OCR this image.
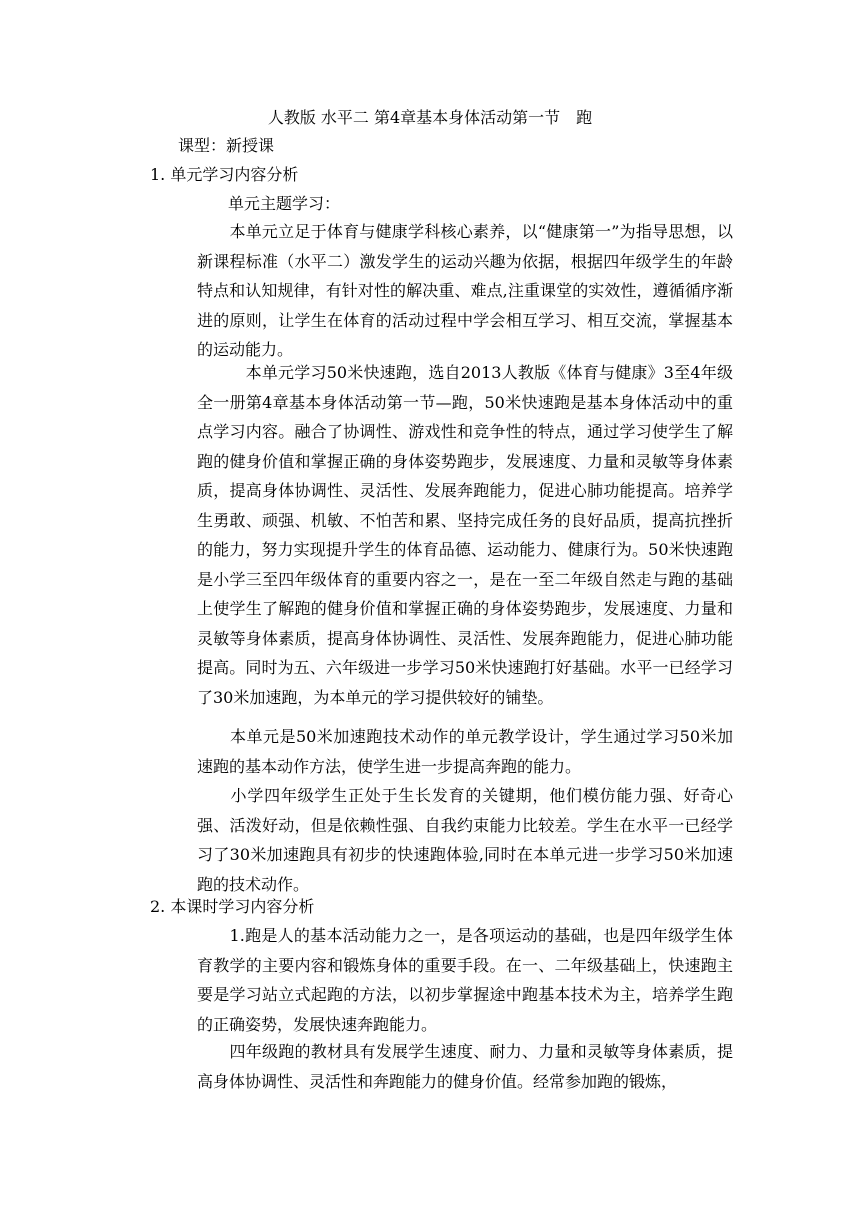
人教版 水平二 第4章基本身体活动第一节　跑
课型：新授课
1. 单元学习内容分析
单元主题学习：

　　本单元立足于体育与健康学科核心素养，以“健康第一”为指导思想，以新课程标准（水平二）激发学生的运动兴趣为依据，根据四年级学生的年龄特点和认知规律，有针对性的解决重、难点,注重课堂的实效性，遵循循序渐进的原则，让学生在体育的活动过程中学会相互学习、相互交流，掌握基本的运动能力。

　　　本单元学习50米快速跑，选自2013人教版《体育与健康》3至4年级全一册第4章基本身体活动第一节—跑，50米快速跑是基本身体活动中的重点学习内容。融合了协调性、游戏性和竞争性的特点，通过学习使学生了解跑的健身价值和掌握正确的身体姿势跑步，发展速度、力量和灵敏等身体素质，提高身体协调性、灵活性、发展奔跑能力，促进心肺功能提高。培养学生勇敢、顽强、机敏、不怕苦和累、坚持完成任务的良好品质，提高抗挫折的能力，努力实现提升学生的体育品德、运动能力、健康行为。50米快速跑是小学三至四年级体育的重要内容之一，是在一至二年级自然走与跑的基础上使学生了解跑的健身价值和掌握正确的身体姿势跑步，发展速度、力量和灵敏等身体素质，提高身体协调性、灵活性、发展奔跑能力，促进心肺功能提高。同时为五、六年级进一步学习50米快速跑打好基础。水平一已经学习了30米加速跑，为本单元的学习提供较好的铺垫。

　　本单元是50米加速跑技术动作的单元教学设计，学生通过学习50米加速跑的基本动作方法，使学生进一步提高奔跑的能力。

　　小学四年级学生正处于生长发育的关键期，他们模仿能力强、好奇心强、活泼好动，但是依赖性强、自我约束能力比较差。学生在水平一已经学习了30米加速跑具有初步的快速跑体验,同时在本单元进一步学习50米加速跑的技术动作。

2. 本课时学习内容分析

　　1.跑是人的基本活动能力之一，是各项运动的基础，也是四年级学生体育教学的主要内容和锻炼身体的重要手段。在一、二年级基础上，快速跑主要是学习站立式起跑的方法，以初步掌握途中跑基本技术为主，培养学生跑的正确姿势，发展快速奔跑能力。

　　四年级跑的教材具有发展学生速度、耐力、力量和灵敏等身体素质，提高身体协调性、灵活性和奔跑能力的健身价值。经常参加跑的锻炼，
